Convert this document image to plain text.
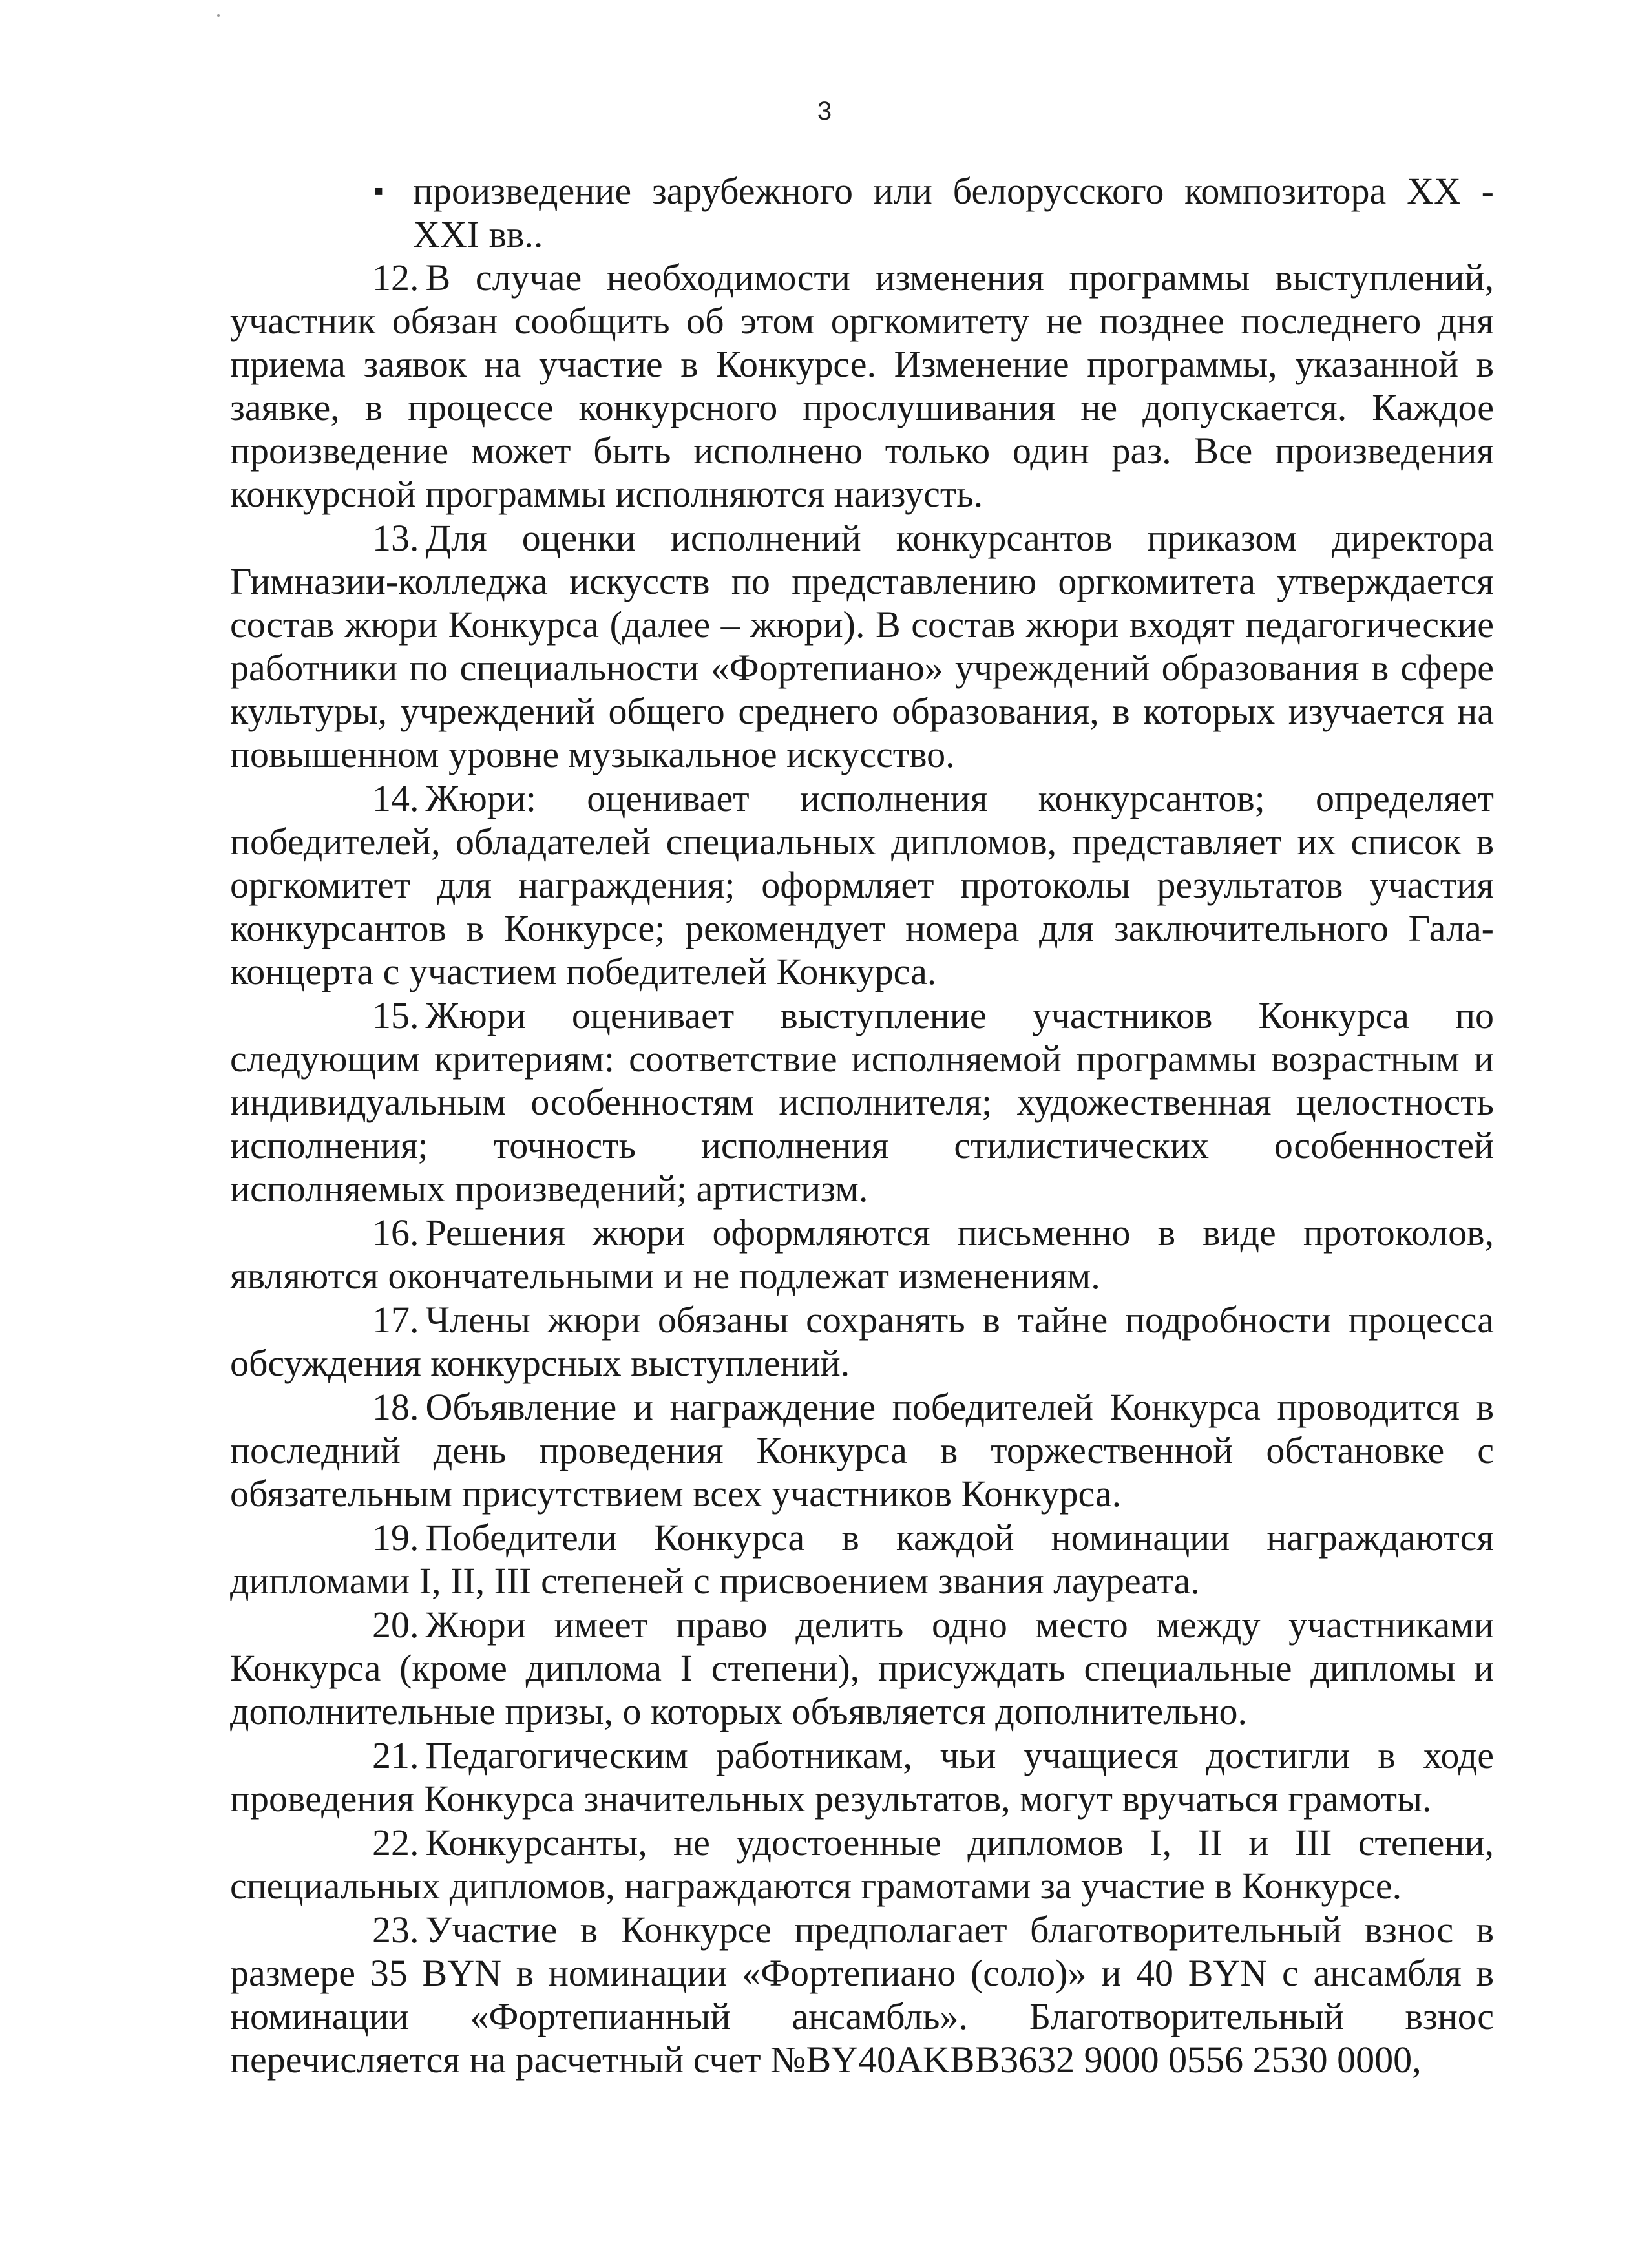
3
▪ произведение зарубежного или белорусского композитора XX - XXI вв..

12. В случае необходимости изменения программы выступлений, участник обязан сообщить об этом оргкомитету не позднее последнего дня приема заявок на участие в Конкурсе. Изменение программы, указанной в заявке, в процессе конкурсного прослушивания не допускается. Каждое произведение может быть исполнено только один раз. Все произведения конкурсной программы исполняются наизусть.

13. Для оценки исполнений конкурсантов приказом директора Гимназии-колледжа искусств по представлению оргкомитета утверждается состав жюри Конкурса (далее – жюри). В состав жюри входят педагогические работники по специальности «Фортепиано» учреждений образования в сфере культуры, учреждений общего среднего образования, в которых изучается на повышенном уровне музыкальное искусство.

14. Жюри: оценивает исполнения конкурсантов; определяет победителей, обладателей специальных дипломов, представляет их список в оргкомитет для награждения; оформляет протоколы результатов участия конкурсантов в Конкурсе; рекомендует номера для заключительного Гала-концерта с участием победителей Конкурса.

15. Жюри оценивает выступление участников Конкурса по следующим критериям: соответствие исполняемой программы возрастным и индивидуальным особенностям исполнителя; художественная целостность исполнения; точность исполнения стилистических особенностей исполняемых произведений; артистизм.

16. Решения жюри оформляются письменно в виде протоколов, являются окончательными и не подлежат изменениям.

17. Члены жюри обязаны сохранять в тайне подробности процесса обсуждения конкурсных выступлений.

18. Объявление и награждение победителей Конкурса проводится в последний день проведения Конкурса в торжественной обстановке с обязательным присутствием всех участников Конкурса.

19. Победители Конкурса в каждой номинации награждаются дипломами I, II, III степеней с присвоением звания лауреата.

20. Жюри имеет право делить одно место между участниками Конкурса (кроме диплома I степени), присуждать специальные дипломы и дополнительные призы, о которых объявляется дополнительно.

21. Педагогическим работникам, чьи учащиеся достигли в ходе проведения Конкурса значительных результатов, могут вручаться грамоты.

22. Конкурсанты, не удостоенные дипломов I, II и III степени, специальных дипломов, награждаются грамотами за участие в Конкурсе.

23. Участие в Конкурсе предполагает благотворительный взнос в размере 35 BYN в номинации «Фортепиано (соло)» и 40 BYN с ансамбля в номинации «Фортепианный ансамбль». Благотворительный взнос перечисляется на расчетный счет №BY40AKBB3632 9000 0556 2530 0000,
